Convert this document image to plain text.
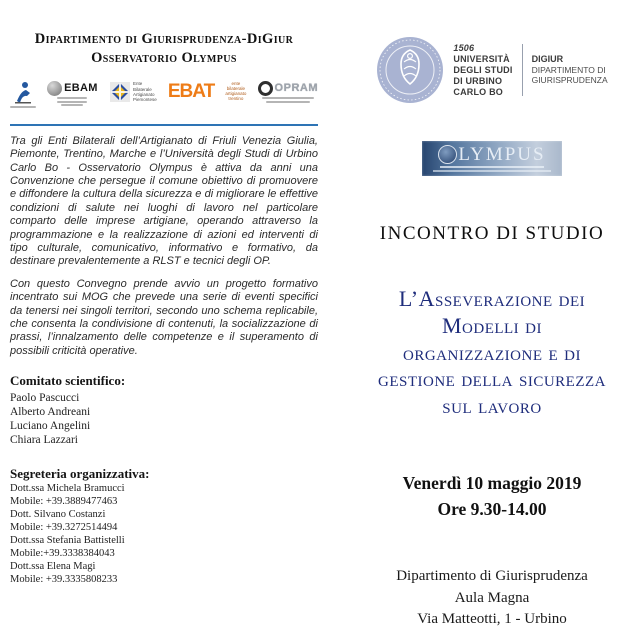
Dipartimento di Giurisprudenza-DiGiur
Osservatorio Olympus
EBAM	Ente
Bilaterale
Artigianato
Piemontese EBAT	ente
bilaterale
artigianato
trentino
OPRAM

Tra gli Enti Bilaterali dell’Artigianato di Friuli Venezia Giulia, Piemonte, Trentino, Marche e l’Università degli Studi di Urbino Carlo Bo - Osservatorio Olympus è attiva da anni una Convenzione che persegue il comune obiettivo di promuovere e diffondere la cultura della sicurezza e di migliorare le effettive condizioni di salute nei luoghi di lavoro nel particolare comparto delle imprese artigiane, operando attraverso la programmazione e la realizzazione di azioni ed interventi di tipo culturale, comunicativo, informativo e formativo, da destinare prevalentemente a RLST e tecnici degli OP.

Con questo Convegno prende avvio un progetto formativo incentrato sui MOG che prevede una serie di eventi specifici da tenersi nei singoli territori, secondo uno schema replicabile, che consenta la condivisione di contenuti, la socializzazione di prassi, l’innalzamento delle competenze e il superamento di possibili criticità operative.

Comitato scientifico:
Paolo Pascucci
Alberto Andreani
Luciano Angelini
Chiara Lazzari
Segreteria organizzativa:
Dott.ssa Michela Bramucci
Mobile: +39.3889477463
Dott. Silvano Costanzi
Mobile: +39.3272514494
Dott.ssa Stefania Battistelli
Mobile:+39.3338384043
Dott.ssa Elena Magi
Mobile: +39.3335808233
1506
UNIVERSITÀ
DEGLI STUDI
DI URBINO
CARLO BO
DIGIUR
DIPARTIMENTO DI
GIURISPRUDENZA
LYMPUS
INCONTRO DI STUDIO
L’Asseverazione dei
Modelli di
organizzazione e di
gestione della sicurezza
sul lavoro
Venerdì 10 maggio 2019
Ore 9.30-14.00
Dipartimento di Giurisprudenza
Aula Magna
Via Matteotti, 1 - Urbino
